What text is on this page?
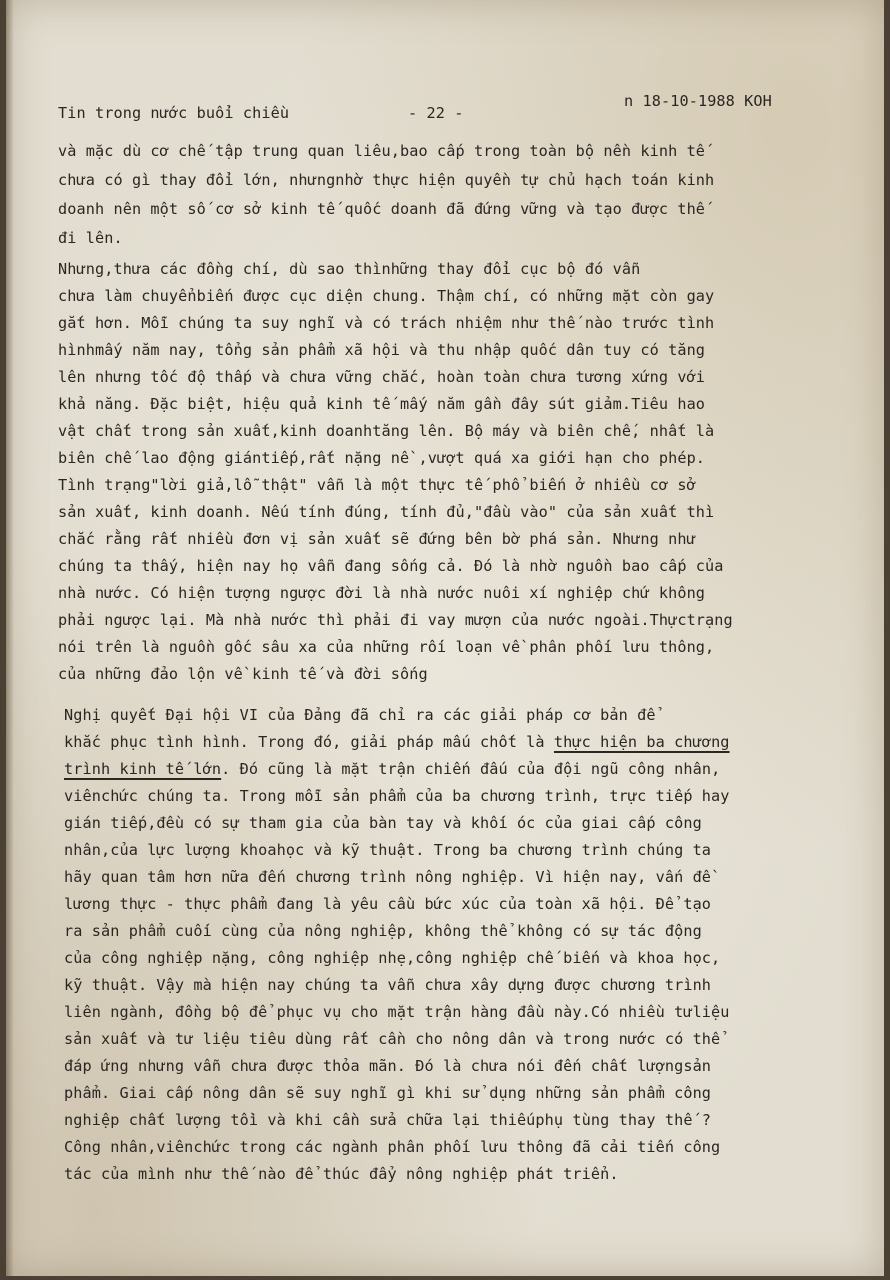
Tin trong nước buổi chiều	- 22 -
n 18-10-1988 KOH
và mặc dù cơ chế tập trung quan liêu,bao cấp trong toàn bộ nền kinh tế
chưa có gì thay đổi lớn, nhưngnhờ thực hiện quyền tự chủ hạch toán kinh
doanh nên một số cơ sở kinh tế quốc doanh đã đứng vững và tạo được thế
đi lên.
Nhưng,thưa các đồng chí, dù sao thìnhững thay đổi cục bộ đó vẫn
chưa làm chuyểnbiến được cục diện chung. Thậm chí, có những mặt còn gay
gắt hơn. Mỗi chúng ta suy nghĩ và có trách nhiệm như thế nào trước tình
hìnhmấy năm nay, tổng sản phẩm xã hội và thu nhập quốc dân tuy có tăng
lên nhưng tốc độ thấp và chưa vững chắc, hoàn toàn chưa tương xứng với
khả năng. Đặc biệt, hiệu quả kinh tế mấy năm gần đây sút giảm.Tiêu hao
vật chất trong sản xuất,kinh doanhtăng lên. Bộ máy và biên chế, nhất là
biên chế lao động giántiếp,rất nặng nề ,vượt quá xa giới hạn cho phép.
Tình trạng"lời giả,lỗ thật" vẫn là một thực tế phổ biến ở nhiều cơ sở
sản xuất, kinh doanh. Nếu tính đúng, tính đủ,"đầu vào" của sản xuất thì
chắc rằng rất nhiều đơn vị sản xuất sẽ đứng bên bờ phá sản. Nhưng như
chúng ta thấy, hiện nay họ vẫn đang sống cả. Đó là nhờ nguồn bao cấp của
nhà nước. Có hiện tượng ngược đời là nhà nước nuôi xí nghiệp chứ không
phải ngược lại. Mà nhà nước thì phải đi vay mượn của nước ngoài.Thựctrạng
nói trên là nguồn gốc sâu xa của những rối loạn về phân phối lưu thông,
của những đảo lộn về kinh tế và đời sống
Nghị quyết Đại hội VI của Đảng đã chỉ ra các giải pháp cơ bản để
khắc phục tình hình. Trong đó, giải pháp mấu chốt là thực hiện ba chương
trình kinh tế lớn. Đó cũng là mặt trận chiến đấu của đội ngũ công nhân,
viênchức chúng ta. Trong mỗi sản phẩm của ba chương trình, trực tiếp hay
gián tiếp,đều có sự tham gia của bàn tay và khối óc của giai cấp công
nhân,của lực lượng khoahọc và kỹ thuật. Trong ba chương trình chúng ta
hãy quan tâm hơn nữa đến chương trình nông nghiệp. Vì hiện nay, vấn đề
lương thực - thực phẩm đang là yêu cầu bức xúc của toàn xã hội. Để tạo
ra sản phẩm cuối cùng của nông nghiệp, không thể không có sự tác động
của công nghiệp nặng, công nghiệp nhẹ,công nghiệp chế biến và khoa học,
kỹ thuật. Vậy mà hiện nay chúng ta vẫn chưa xây dựng được chương trình
liên ngành, đồng bộ để phục vụ cho mặt trận hàng đầu này.Có nhiều tưliệu
sản xuất và tư liệu tiêu dùng rất cần cho nông dân và trong nước có thể
đáp ứng nhưng vẫn chưa được thỏa mãn. Đó là chưa nói đến chất lượngsản
phẩm. Giai cấp nông dân sẽ suy nghĩ gì khi sử dụng những sản phẩm công
nghiệp chất lượng tồi và khi cần sửa chữa lại thiếuphụ tùng thay thế ?
Công nhân,viênchức trong các ngành phân phối lưu thông đã cải tiến công
tác của mình như thế nào để thúc đẩy nông nghiệp phát triển.
